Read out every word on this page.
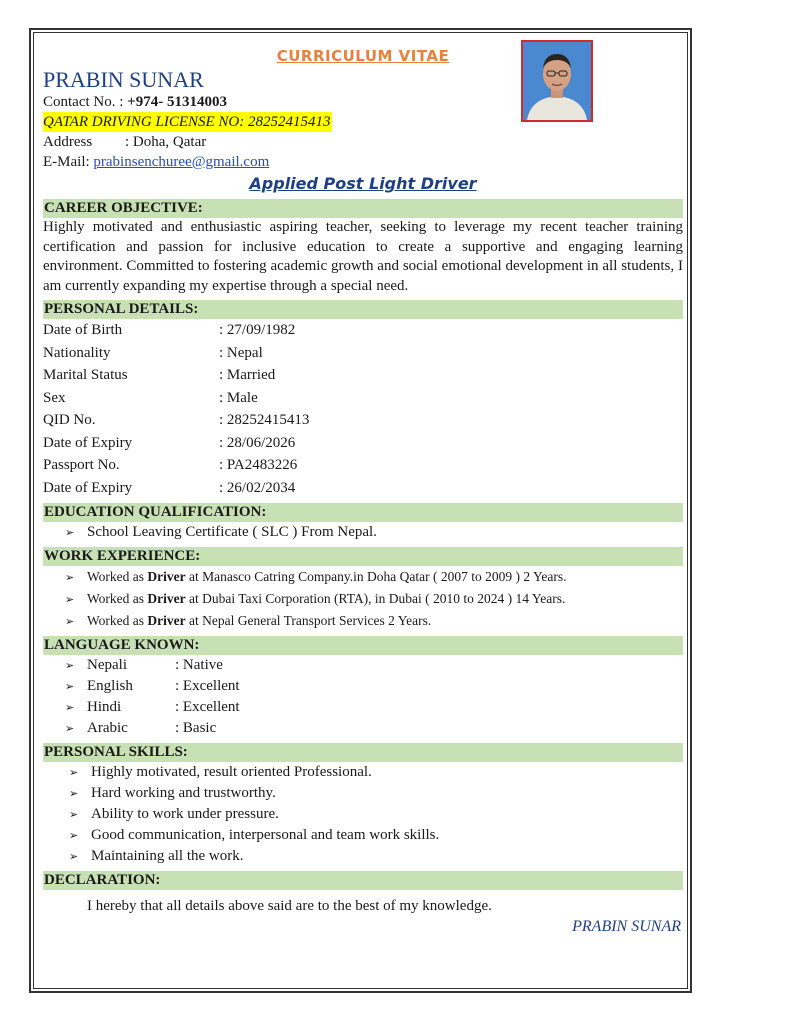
CURRICULUM VITAE
PRABIN SUNAR
Contact No. : +974- 51314003
QATAR DRIVING LICENSE NO: 28252415413
Address : Doha, Qatar
E-Mail: prabinsenchuree@gmail.com
Applied Post Light Driver
CAREER OBJECTIVE:
Highly motivated and enthusiastic aspiring teacher, seeking to leverage my recent teacher training certification and passion for inclusive education to create a supportive and engaging learning environment. Committed to fostering academic growth and social emotional development in all students, I am currently expanding my expertise through a special need.
PERSONAL DETAILS:
Date of Birth	: 27/09/1982
Nationality	: Nepal
Marital Status	: Married
Sex	: Male
QID No.	: 28252415413
Date of Expiry	: 28/06/2026
Passport No.	: PA2483226
Date of Expiry	: 26/02/2034
EDUCATION QUALIFICATION:
➢ School Leaving Certificate ( SLC ) From Nepal.
WORK EXPERIENCE:
➢ Worked as Driver at Manasco Catring Company.in Doha Qatar ( 2007 to 2009 ) 2 Years.
➢ Worked as Driver at Dubai Taxi Corporation (RTA), in Dubai ( 2010 to 2024 ) 14 Years.
➢ Worked as Driver at Nepal General Transport Services 2 Years.
LANGUAGE KNOWN:
➢ Nepali	: Native
➢ English	: Excellent
➢ Hindi	: Excellent
➢ Arabic	: Basic
PERSONAL SKILLS:
➢ Highly motivated, result oriented Professional.
➢ Hard working and trustworthy.
➢ Ability to work under pressure.
➢ Good communication, interpersonal and team work skills.
➢ Maintaining all the work.
DECLARATION:
I hereby that all details above said are to the best of my knowledge.
PRABIN SUNAR
